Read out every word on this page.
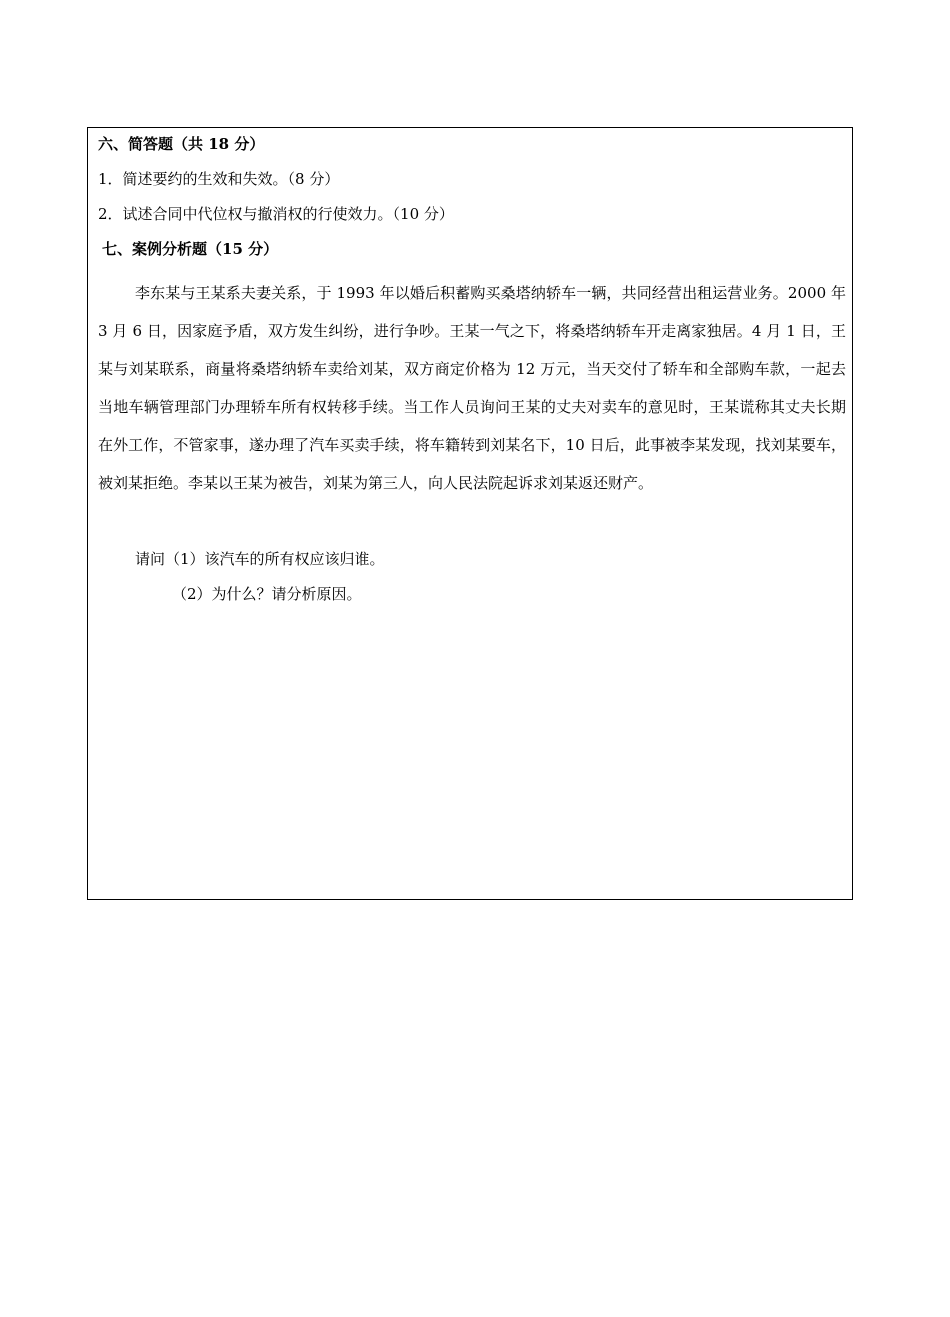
六、简答题（共 18 分）
1．简述要约的生效和失效。（8 分）
2．试述合同中代位权与撤消权的行使效力。（10 分）
七、案例分析题（15 分）
李东某与王某系夫妻关系，于 1993 年以婚后积蓄购买桑塔纳轿车一辆，共同经营出租运营业务。2000 年 3 月 6 日，因家庭予盾，双方发生纠纷，进行争吵。王某一气之下，将桑塔纳轿车开走离家独居。4 月 1 日，王某与刘某联系，商量将桑塔纳轿车卖给刘某，双方商定价格为 12 万元，当天交付了轿车和全部购车款，一起去当地车辆管理部门办理轿车所有权转移手续。当工作人员询问王某的丈夫对卖车的意见时，王某谎称其丈夫长期在外工作，不管家事，遂办理了汽车买卖手续，将车籍转到刘某名下，10 日后，此事被李某发现，找刘某要车，被刘某拒绝。李某以王某为被告，刘某为第三人，向人民法院起诉求刘某返还财产。
请问（1）该汽车的所有权应该归谁。
（2）为什么？请分析原因。
